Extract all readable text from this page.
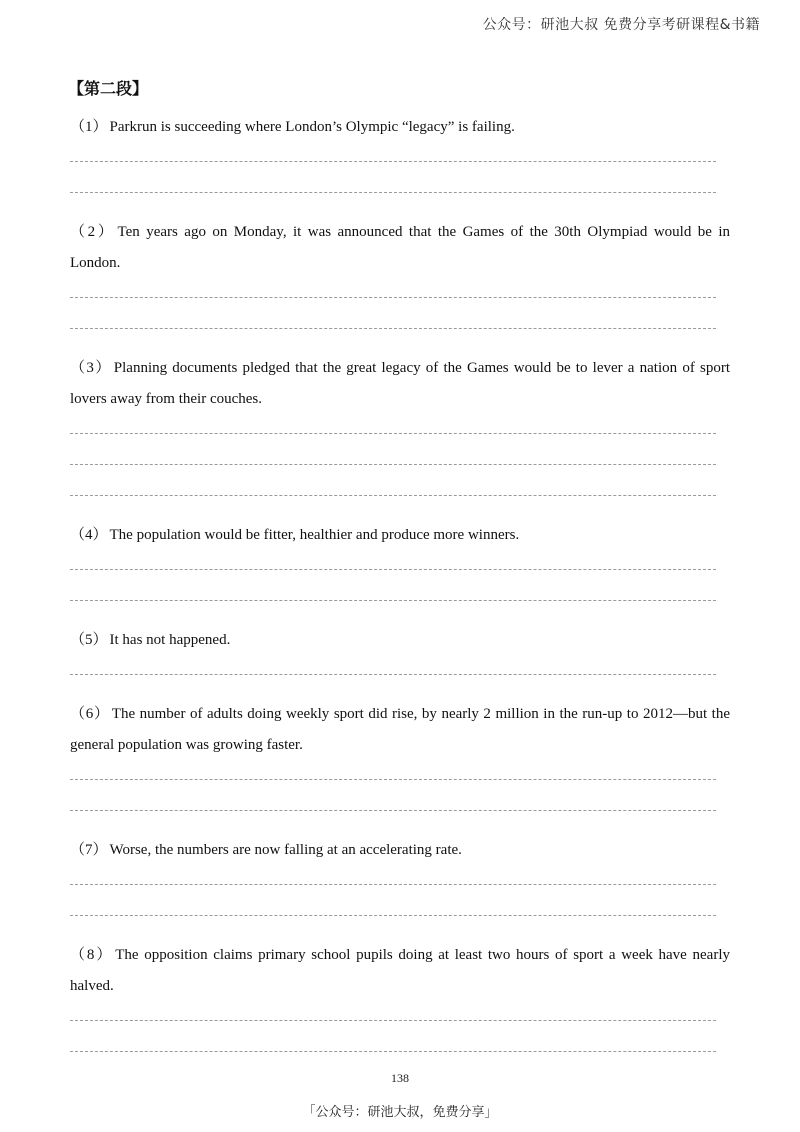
公众号：研池大叔 免费分享考研课程&书籍
【第二段】

（1） Parkrun is succeeding where London’s Olympic “legacy” is failing.

（2） Ten years ago on Monday, it was announced that the Games of the 30th Olympiad would be in London.

（3） Planning documents pledged that the great legacy of the Games would be to lever a nation of sport lovers away from their couches.

（4） The population would be fitter, healthier and produce more winners.

（5） It has not happened.

（6） The number of adults doing weekly sport did rise, by nearly 2 million in the run-up to 2012—but the general population was growing faster.

（7） Worse, the numbers are now falling at an accelerating rate.

（8） The opposition claims primary school pupils doing at least two hours of sport a week have nearly halved.

138
「公众号：研池大叔，免费分享」
